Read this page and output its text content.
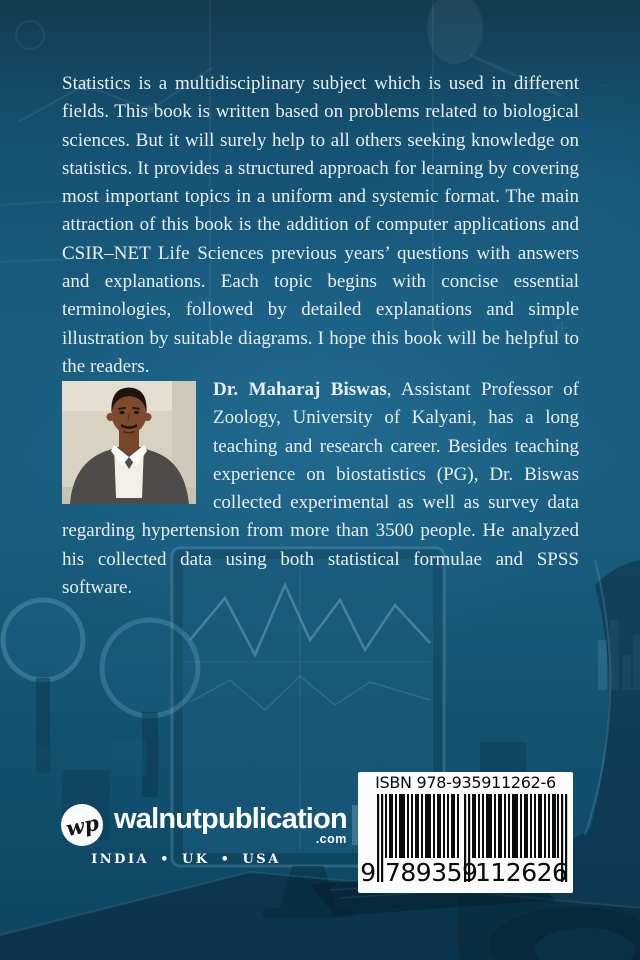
Statistics is a multidisciplinary subject which is used in different fields. This book is written based on problems related to biological sciences. But it will surely help to all others seeking knowledge on statistics. It provides a structured approach for learning by covering most important topics in a uniform and systemic format. The main attraction of this book is the addition of computer applications and CSIR–NET Life Sciences previous years’ questions with answers and explanations. Each topic begins with concise essential terminologies, followed by detailed explanations and simple illustration by suitable diagrams. I hope this book will be helpful to the readers.

Dr. Maharaj Biswas, Assistant Professor of Zoology, University of Kalyani, has a long teaching and research career. Besides teaching experience on biostatistics (PG), Dr. Biswas collected experimental as well as survey data regarding hypertension from more than 3500 people. He analyzed his collected data using both statistical formulae and SPSS software.

wp walnutpublication
.com
INDIA • UK • USA
ISBN 978-935911262-6
9 789359
112626
